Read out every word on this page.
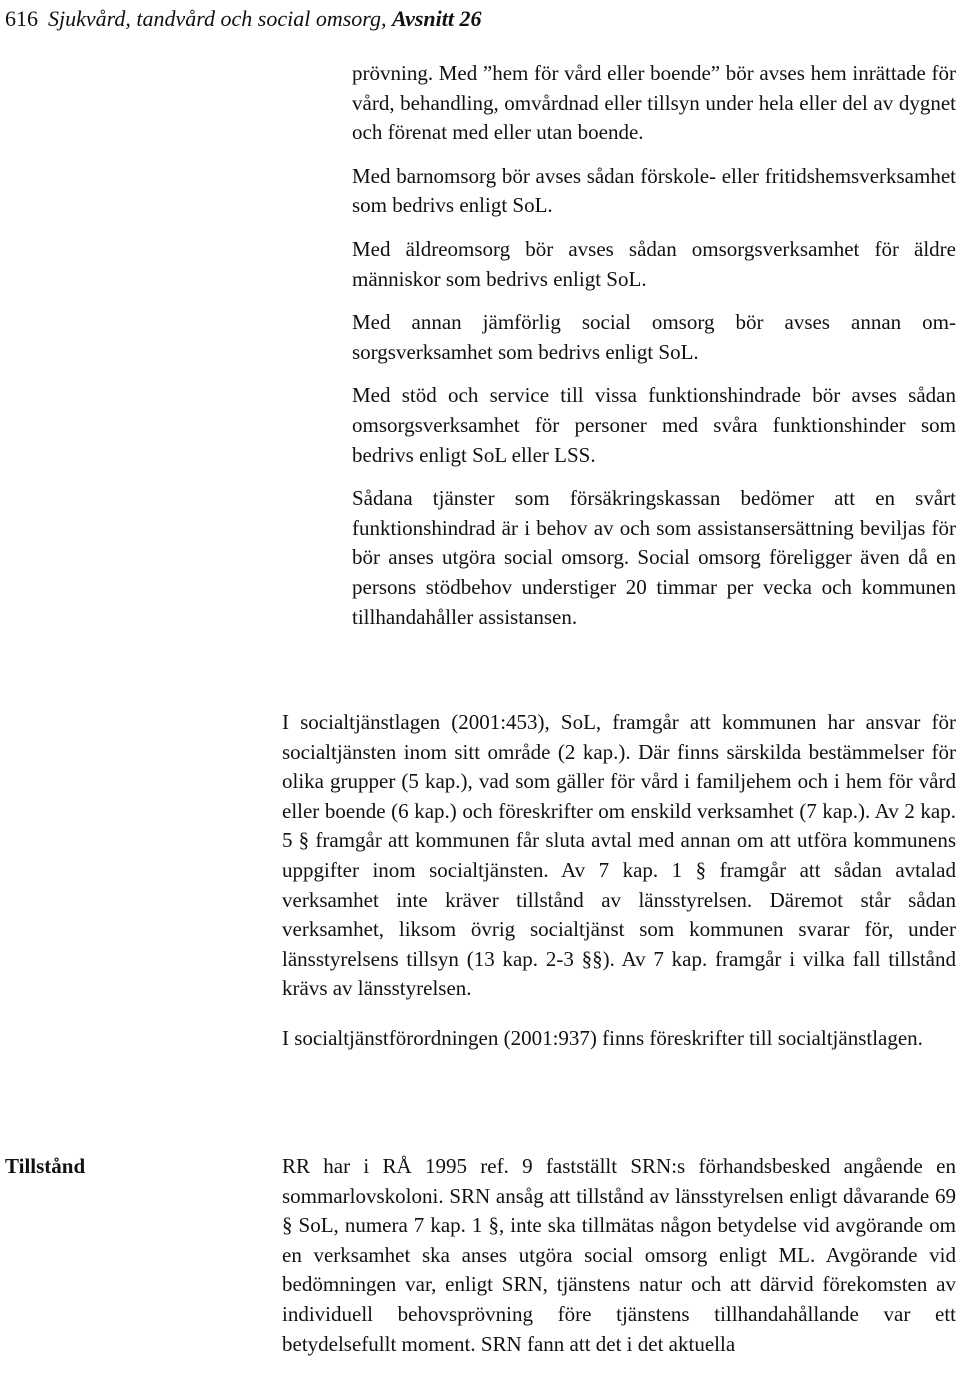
616 Sjukvård, tandvård och social omsorg, Avsnitt 26

prövning. Med ”hem för vård eller boende” bör avses hem inrättade för vård, behandling, omvårdnad eller tillsyn under hela eller del av dygnet och förenat med eller utan boende.

Med barnomsorg bör avses sådan förskole- eller fritidshemsverksamhet som bedrivs enligt SoL.

Med äldreomsorg bör avses sådan omsorgsverksamhet för äldre människor som bedrivs enligt SoL.

Med annan jämförlig social omsorg bör avses annan omsorgsverksamhet som bedrivs enligt SoL.

Med stöd och service till vissa funktionshindrade bör avses sådan omsorgsverksamhet för personer med svåra funktionshinder som bedrivs enligt SoL eller LSS.

Sådana tjänster som försäkringskassan bedömer att en svårt funktionshindrad är i behov av och som assistansersättning beviljas för bör anses utgöra social omsorg. Social omsorg föreligger även då en persons stödbehov understiger 20 timmar per vecka och kommunen tillhandahåller assistansen.

I socialtjänstlagen (2001:453), SoL, framgår att kommunen har ansvar för socialtjänsten inom sitt område (2 kap.). Där finns särskilda bestämmelser för olika grupper (5 kap.), vad som gäller för vård i familjehem och i hem för vård eller boende (6 kap.) och föreskrifter om enskild verksamhet (7 kap.). Av 2 kap. 5 § framgår att kommunen får sluta avtal med annan om att utföra kommunens uppgifter inom socialtjänsten. Av 7 kap. 1 § framgår att sådan avtalad verksamhet inte kräver tillstånd av länsstyrelsen. Däremot står sådan verksamhet, liksom övrig socialtjänst som kommunen svarar för, under länsstyrelsens tillsyn (13 kap. 2-3 §§). Av 7 kap. framgår i vilka fall tillstånd krävs av länsstyrelsen.

I socialtjänstförordningen (2001:937) finns föreskrifter till socialtjänstlagen.

Tillstånd	RR har i RÅ 1995 ref. 9 fastställt SRN:s förhandsbesked angående en sommarlovskoloni. SRN ansåg att tillstånd av länsstyrelsen enligt dåvarande 69 § SoL, numera 7 kap. 1 §, inte ska tillmätas någon betydelse vid avgörande om en verksamhet ska anses utgöra social omsorg enligt ML. Avgörande vid bedömningen var, enligt SRN, tjänstens natur och att därvid förekomsten av individuell behovsprövning före tjänstens tillhandahållande var ett betydelsefullt moment. SRN fann att det i det aktuella
